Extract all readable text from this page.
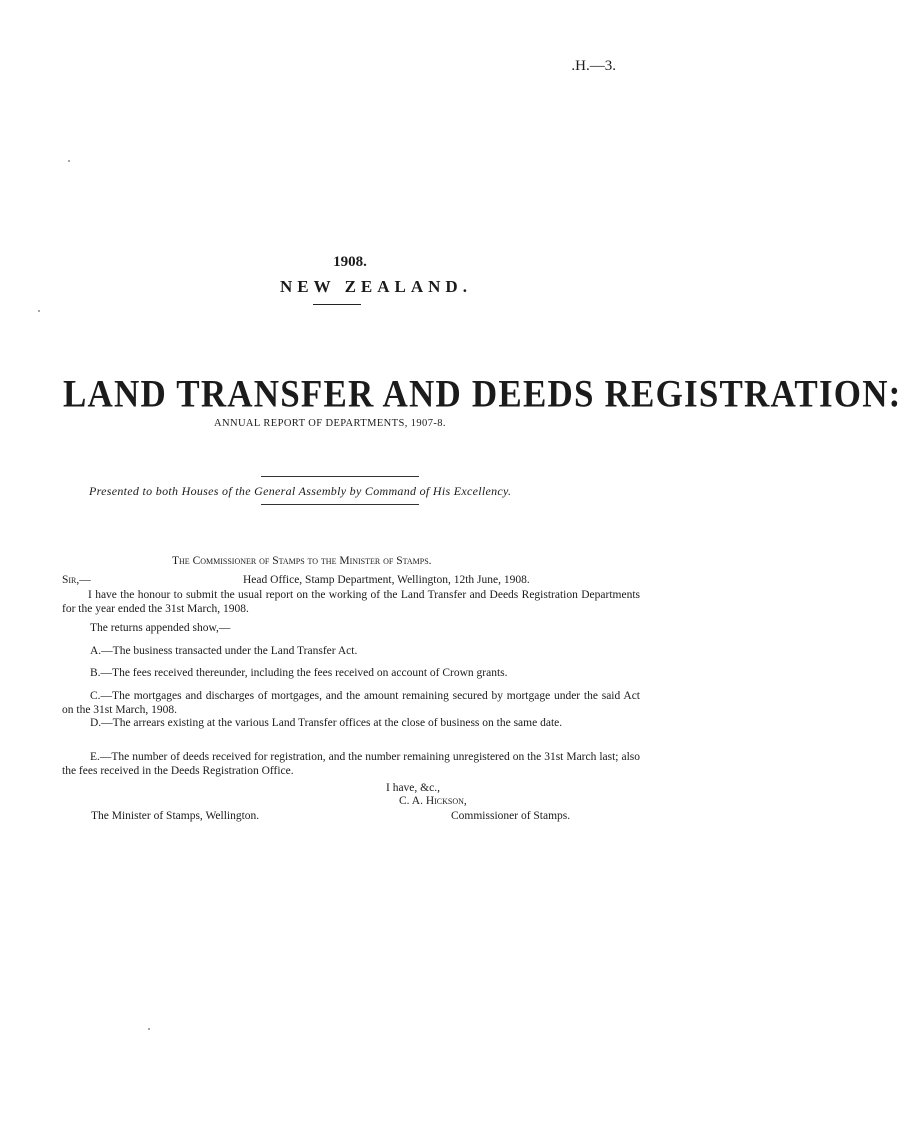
.H.—3.
1908.
NEW ZEALAND.
LAND TRANSFER AND DEEDS REGISTRATION:
ANNUAL REPORT OF DEPARTMENTS, 1907-8.
Presented to both Houses of the General Assembly by Command of His Excellency.
The Commissioner of Stamps to the Minister of Stamps.
Sir,—	Head Office, Stamp Department, Wellington, 12th June, 1908.
I have the honour to submit the usual report on the working of the Land Transfer and Deeds Registration Departments for the year ended the 31st March, 1908.
The returns appended show,—
A.—The business transacted under the Land Transfer Act.
B.—The fees received thereunder, including the fees received on account of Crown grants.
C.—The mortgages and discharges of mortgages, and the amount remaining secured by mortgage under the said Act on the 31st March, 1908.
D.—The arrears existing at the various Land Transfer offices at the close of business on the same date.
E.—The number of deeds received for registration, and the number remaining unregistered on the 31st March last; also the fees received in the Deeds Registration Office.
I have, &c.,
C. A. Hickson,
The Minister of Stamps, Wellington.	Commissioner of Stamps.
